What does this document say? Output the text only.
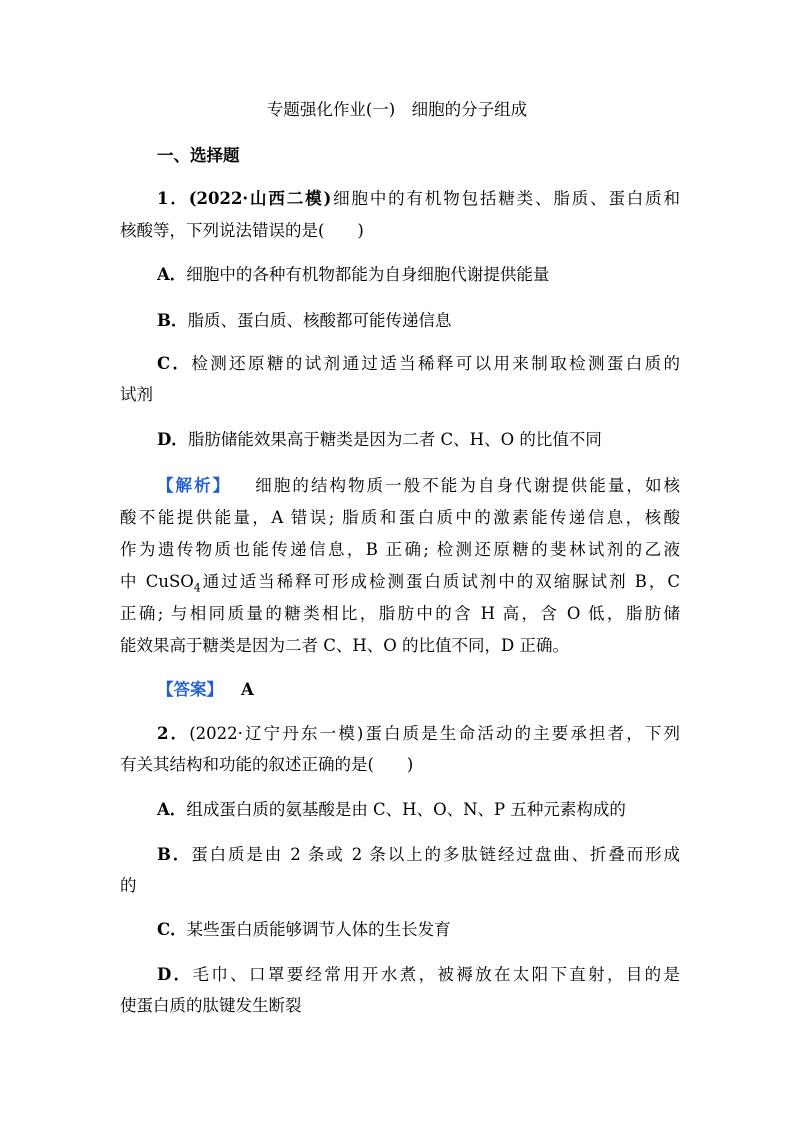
专题强化作业(一)　细胞的分子组成
一、选择题
1．(2022·山西二模)细胞中的有机物包括糖类、脂质、蛋白质和
核酸等，下列说法错误的是(　　)
A．细胞中的各种有机物都能为自身细胞代谢提供能量
B．脂质、蛋白质、核酸都可能传递信息
C．检测还原糖的试剂通过适当稀释可以用来制取检测蛋白质的
试剂
D．脂肪储能效果高于糖类是因为二者 C、H、O 的比值不同
【解析】 细胞的结构物质一般不能为自身代谢提供能量，如核
酸不能提供能量，A 错误; 脂质和蛋白质中的激素能传递信息，核酸
作为遗传物质也能传递信息，B 正确; 检测还原糖的斐林试剂的乙液
中 CuSO$_4$通过适当稀释可形成检测蛋白质试剂中的双缩脲试剂 B，C
正确; 与相同质量的糖类相比，脂肪中的含 H 高，含 O 低，脂肪储
能效果高于糖类是因为二者 C、H、O 的比值不同，D 正确。
【答案】 A
2．(2022·辽宁丹东一模)蛋白质是生命活动的主要承担者，下列
有关其结构和功能的叙述正确的是(　　)
A．组成蛋白质的氨基酸是由 C、H、O、N、P 五种元素构成的
B．蛋白质是由 2 条或 2 条以上的多肽链经过盘曲、折叠而形成
的
C．某些蛋白质能够调节人体的生长发育
D．毛巾、口罩要经常用开水煮，被褥放在太阳下直射，目的是
使蛋白质的肽键发生断裂
